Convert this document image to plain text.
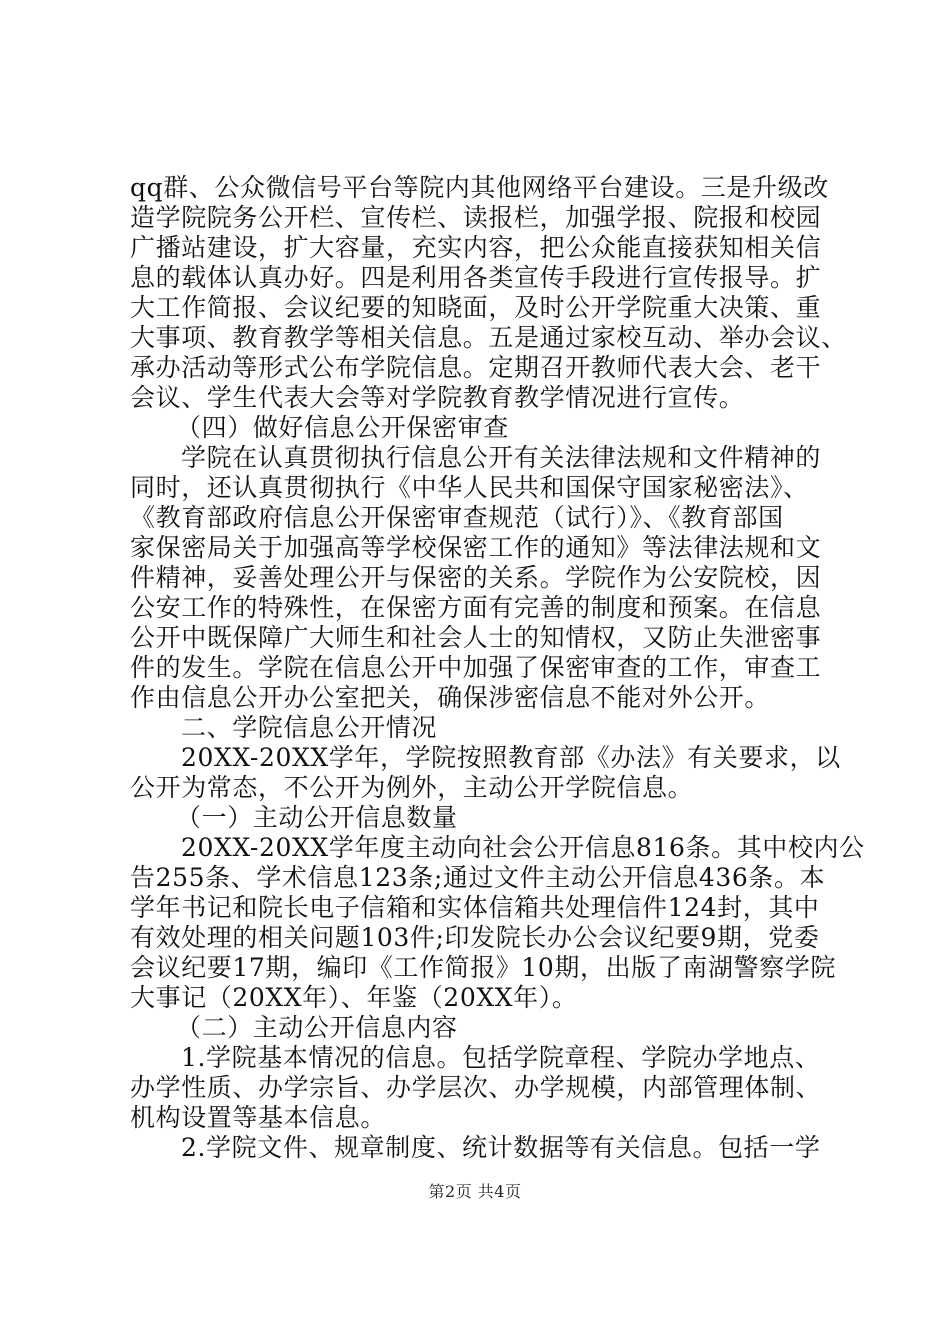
qq群、公众微信号平台等院内其他网络平台建设。三是升级改
造学院院务公开栏、宣传栏、读报栏，加强学报、院报和校园
广播站建设，扩大容量，充实内容，把公众能直接获知相关信
息的载体认真办好。四是利用各类宣传手段进行宣传报导。扩
大工作简报、会议纪要的知晓面，及时公开学院重大决策、重
大事项、教育教学等相关信息。五是通过家校互动、举办会议、
承办活动等形式公布学院信息。定期召开教师代表大会、老干
会议、学生代表大会等对学院教育教学情况进行宣传。
（四）做好信息公开保密审查
学院在认真贯彻执行信息公开有关法律法规和文件精神的
同时，还认真贯彻执行《中华人民共和国保守国家秘密法》、
《教育部政府信息公开保密审查规范（试行）》、《教育部国
家保密局关于加强高等学校保密工作的通知》等法律法规和文
件精神，妥善处理公开与保密的关系。学院作为公安院校，因
公安工作的特殊性，在保密方面有完善的制度和预案。在信息
公开中既保障广大师生和社会人士的知情权，又防止失泄密事
件的发生。学院在信息公开中加强了保密审查的工作，审查工
作由信息公开办公室把关，确保涉密信息不能对外公开。
二、学院信息公开情况
20XX-20XX学年，学院按照教育部《办法》有关要求，以
公开为常态，不公开为例外，主动公开学院信息。
（一）主动公开信息数量
20XX-20XX学年度主动向社会公开信息816条。其中校内公
告255条、学术信息123条;通过文件主动公开信息436条。本
学年书记和院长电子信箱和实体信箱共处理信件124封，其中
有效处理的相关问题103件;印发院长办公会议纪要9期，党委
会议纪要17期，编印《工作简报》10期，出版了南湖警察学院
大事记（20XX年）、年鉴（20XX年）。
（二）主动公开信息内容
1.学院基本情况的信息。包括学院章程、学院办学地点、
办学性质、办学宗旨、办学层次、办学规模，内部管理体制、
机构设置等基本信息。
2.学院文件、规章制度、统计数据等有关信息。包括一学
第2页 共4页
